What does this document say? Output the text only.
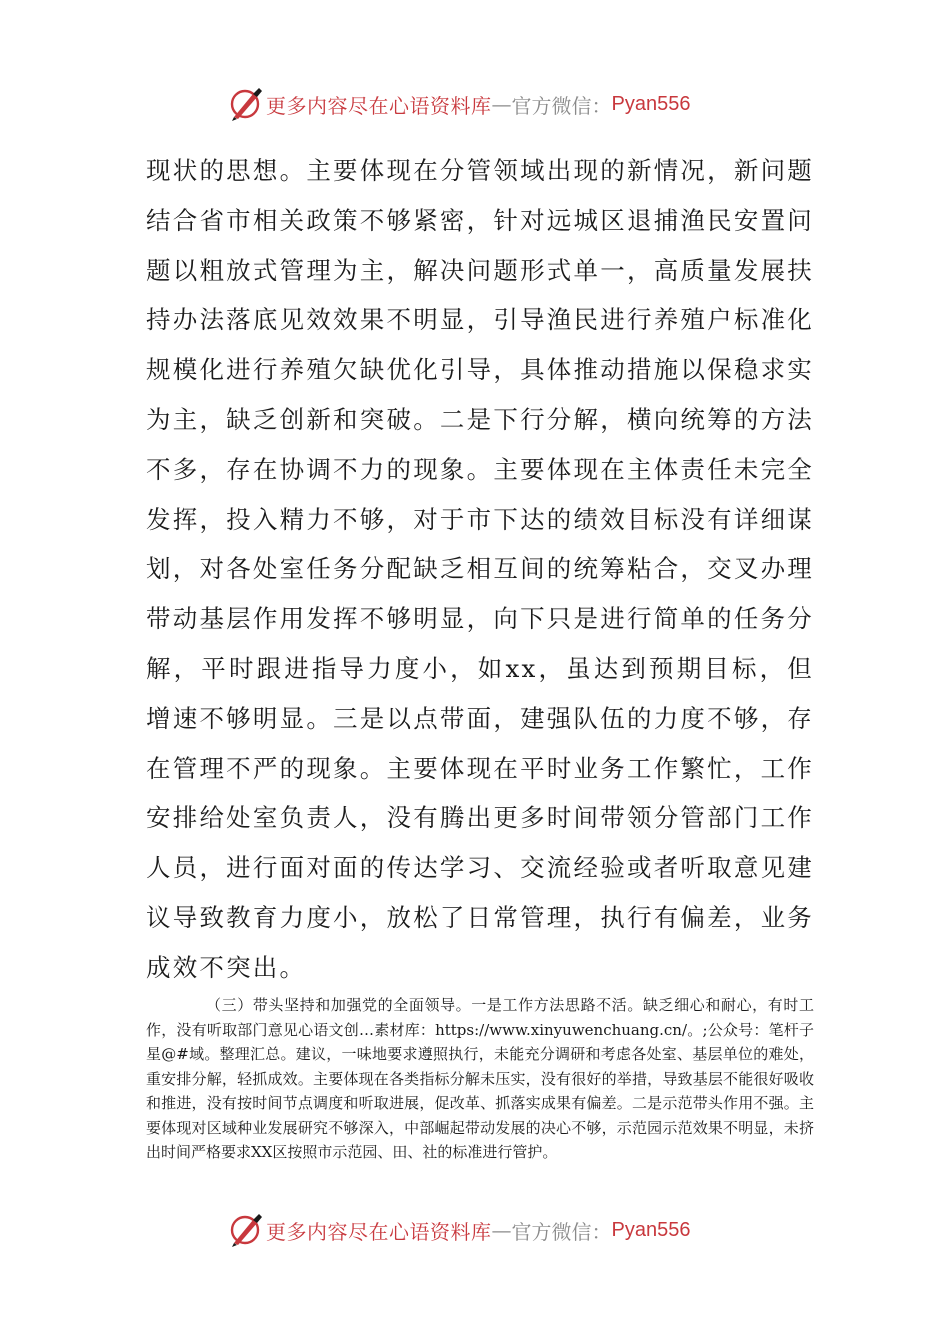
更多内容尽在心语资料库 — 官方微信： Pyan556

现状的思想。主要体现在分管领域出现的新情况，新问题结合省市相关政策不够紧密，针对远城区退捕渔民安置问题以粗放式管理为主，解决问题形式单一，高质量发展扶持办法落底见效效果不明显，引导渔民进行养殖户标准化规模化进行养殖欠缺优化引导，具体推动措施以保稳求实为主，缺乏创新和突破。二是下行分解，横向统筹的方法不多，存在协调不力的现象。主要体现在主体责任未完全发挥，投入精力不够，对于市下达的绩效目标没有详细谋划，对各处室任务分配缺乏相互间的统筹粘合，交叉办理带动基层作用发挥不够明显，向下只是进行简单的任务分解，平时跟进指导力度小，如xx，虽达到预期目标，但增速不够明显。三是以点带面，建强队伍的力度不够，存在管理不严的现象。主要体现在平时业务工作繁忙，工作安排给处室负责人，没有腾出更多时间带领分管部门工作人员，进行面对面的传达学习、交流经验或者听取意见建议导致教育力度小，放松了日常管理，执行有偏差，业务成效不突出。

（三）带头坚持和加强党的全面领导。一是工作方法思路不活。缺乏细心和耐心，有时工作，没有听取部门意见心语文创…素材库：https://www.xinyuwenchuang.cn/。;公众号：笔杆子星@#域。整理汇总。建议，一味地要求遵照执行，未能充分调研和考虑各处室、基层单位的难处，重安排分解，轻抓成效。主要体现在各类指标分解未压实，没有很好的举措，导致基层不能很好吸收和推进，没有按时间节点调度和听取进展，促改革、抓落实成果有偏差。二是示范带头作用不强。主要体现对区域种业发展研究不够深入，中部崛起带动发展的决心不够，示范园示范效果不明显，未挤出时间严格要求XX区按照市示范园、田、社的标准进行管护。

更多内容尽在心语资料库 — 官方微信： Pyan556
